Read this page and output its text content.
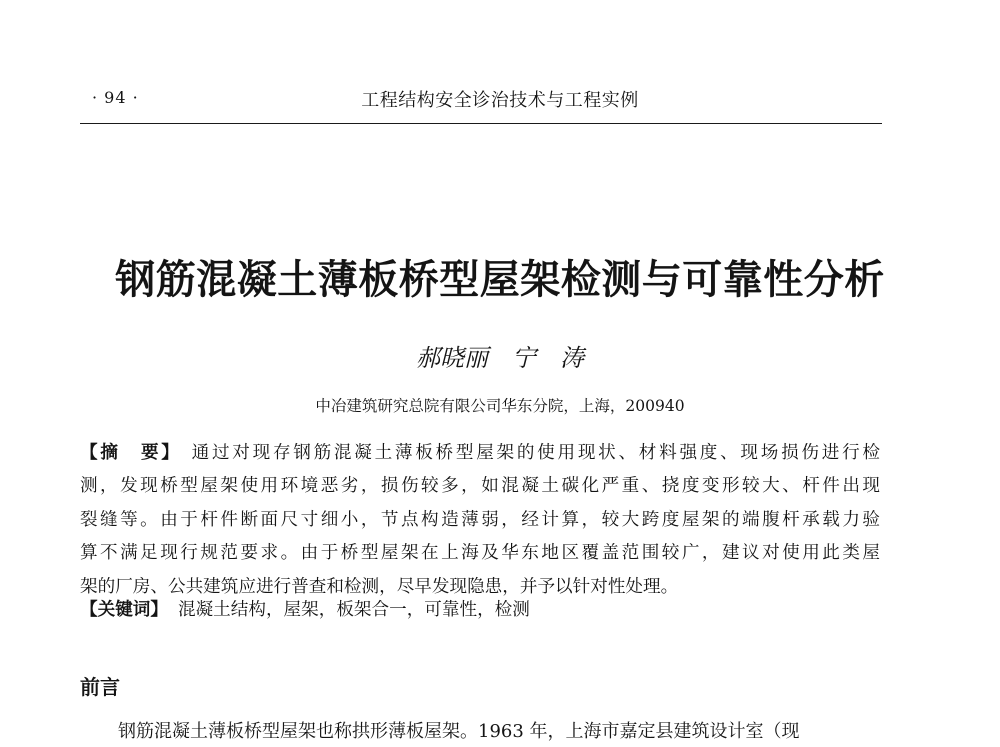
· 94 ·	工程结构安全诊治技术与工程实例
钢筋混凝土薄板桥型屋架检测与可靠性分析
郝晓丽　宁　涛
中冶建筑研究总院有限公司华东分院，上海，200940
【摘　要】 通过对现存钢筋混凝土薄板桥型屋架的使用现状、材料强度、现场损伤进行检
测，发现桥型屋架使用环境恶劣，损伤较多，如混凝土碳化严重、挠度变形较大、杆件出现
裂缝等。由于杆件断面尺寸细小，节点构造薄弱，经计算，较大跨度屋架的端腹杆承载力验
算不满足现行规范要求。由于桥型屋架在上海及华东地区覆盖范围较广，建议对使用此类屋
架的厂房、公共建筑应进行普查和检测，尽早发现隐患，并予以针对性处理。
【关键词】 混凝土结构，屋架，板架合一，可靠性，检测
前言
钢筋混凝土薄板桥型屋架也称拱形薄板屋架。1963 年，上海市嘉定县建筑设计室（现
